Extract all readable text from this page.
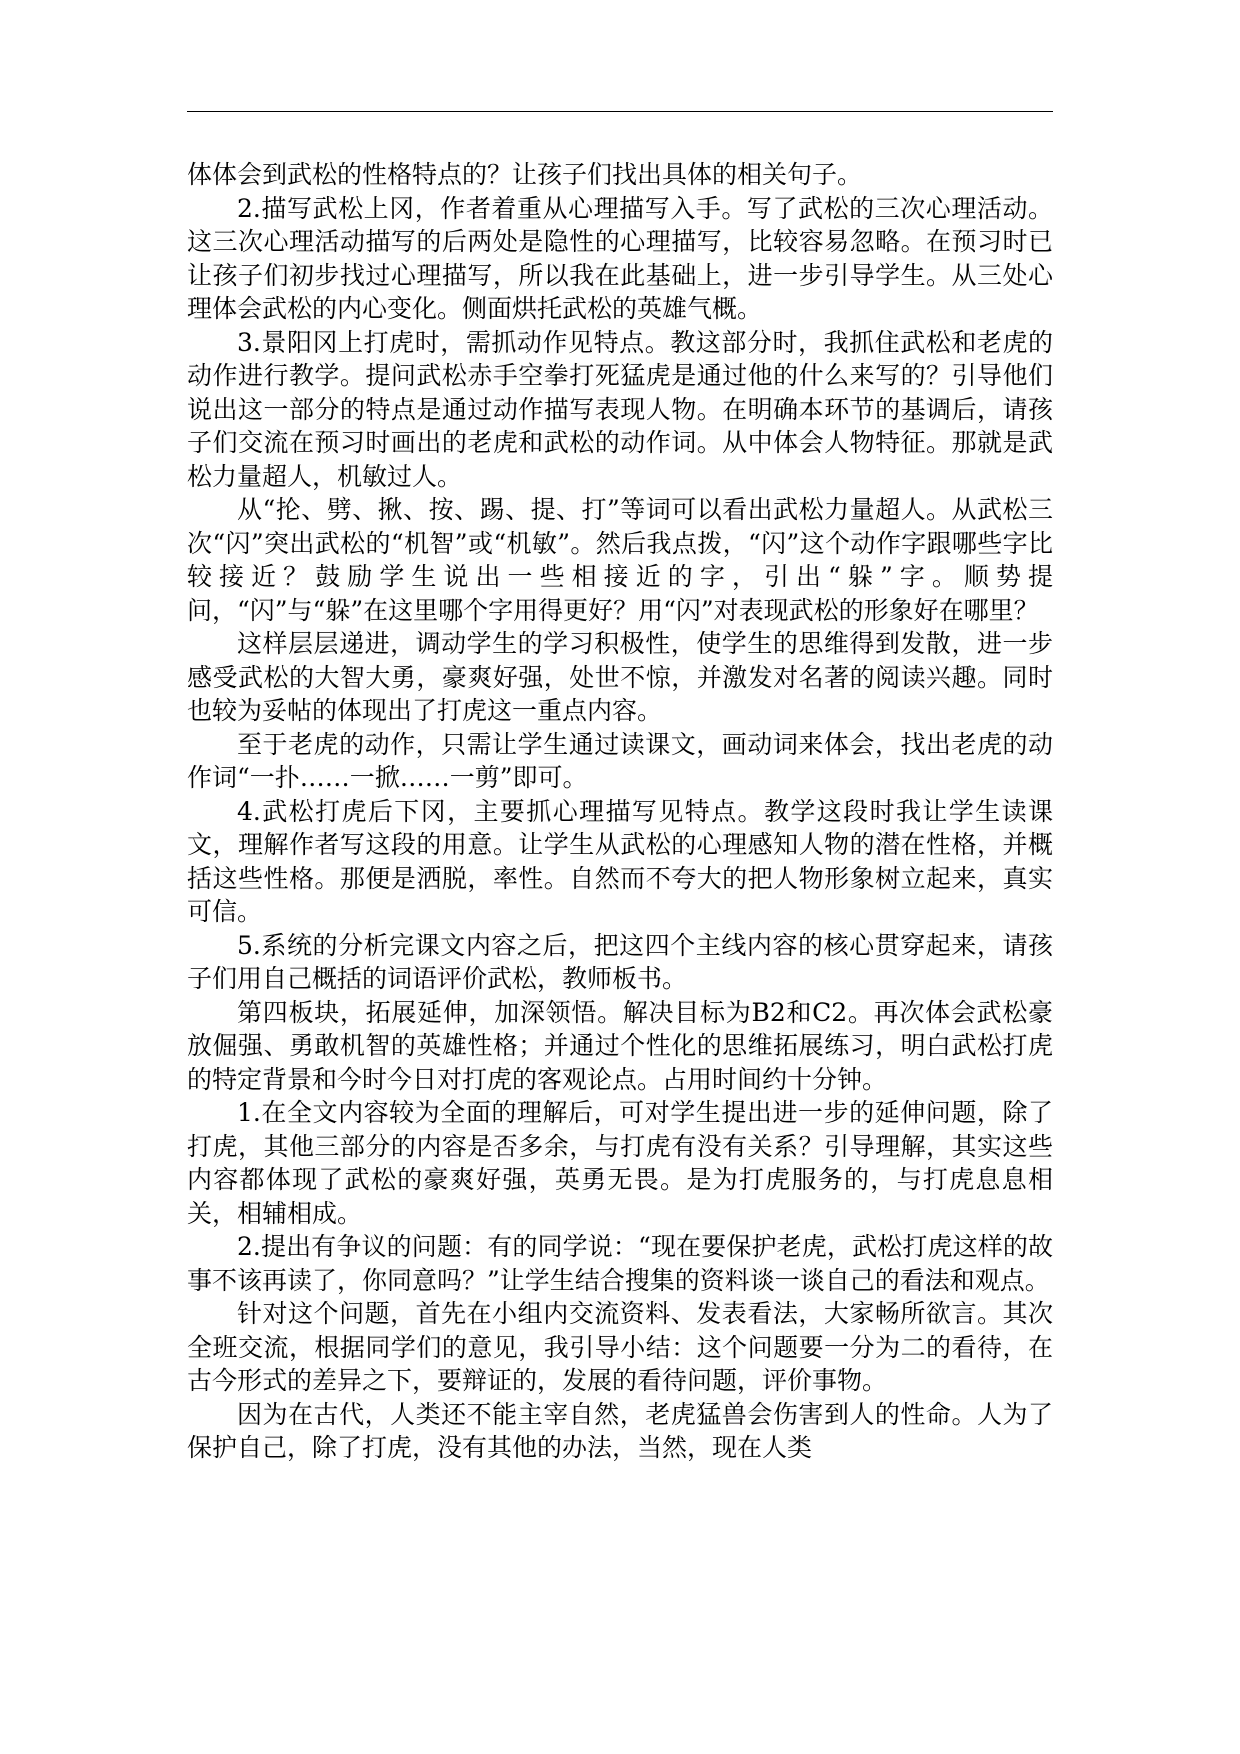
体体会到武松的性格特点的？让孩子们找出具体的相关句子。

2.描写武松上冈，作者着重从心理描写入手。写了武松的三次心理活动。这三次心理活动描写的后两处是隐性的心理描写，比较容易忽略。在预习时已让孩子们初步找过心理描写，所以我在此基础上，进一步引导学生。从三处心理体会武松的内心变化。侧面烘托武松的英雄气概。

3.景阳冈上打虎时，需抓动作见特点。教这部分时，我抓住武松和老虎的动作进行教学。提问武松赤手空拳打死猛虎是通过他的什么来写的？引导他们说出这一部分的特点是通过动作描写表现人物。在明确本环节的基调后，请孩子们交流在预习时画出的老虎和武松的动作词。从中体会人物特征。那就是武松力量超人，机敏过人。

从“抡、劈、揪、按、踢、提、打”等词可以看出武松力量超人。从武松三次“闪”突出武松的“机智”或“机敏”。然后我点拨，“闪”这个动作字跟哪些字比较接近？鼓励学生说出一些相接近的字，引出“躲”字。顺势提问，“闪”与“躲”在这里哪个字用得更好？用“闪”对表现武松的形象好在哪里？

这样层层递进，调动学生的学习积极性，使学生的思维得到发散，进一步感受武松的大智大勇，豪爽好强，处世不惊，并激发对名著的阅读兴趣。同时也较为妥帖的体现出了打虎这一重点内容。

至于老虎的动作，只需让学生通过读课文，画动词来体会，找出老虎的动作词“一扑……一掀……一剪”即可。

4.武松打虎后下冈，主要抓心理描写见特点。教学这段时我让学生读课文，理解作者写这段的用意。让学生从武松的心理感知人物的潜在性格，并概括这些性格。那便是洒脱，率性。自然而不夸大的把人物形象树立起来，真实可信。

5.系统的分析完课文内容之后，把这四个主线内容的核心贯穿起来，请孩子们用自己概括的词语评价武松，教师板书。

第四板块，拓展延伸，加深领悟。解决目标为B2和C2。再次体会武松豪放倔强、勇敢机智的英雄性格；并通过个性化的思维拓展练习，明白武松打虎的特定背景和今时今日对打虎的客观论点。占用时间约十分钟。

1.在全文内容较为全面的理解后，可对学生提出进一步的延伸问题，除了打虎，其他三部分的内容是否多余，与打虎有没有关系？引导理解，其实这些内容都体现了武松的豪爽好强，英勇无畏。是为打虎服务的，与打虎息息相关，相辅相成。

2.提出有争议的问题：有的同学说：“现在要保护老虎，武松打虎这样的故事不该再读了，你同意吗？”让学生结合搜集的资料谈一谈自己的看法和观点。

针对这个问题，首先在小组内交流资料、发表看法，大家畅所欲言。其次全班交流，根据同学们的意见，我引导小结：这个问题要一分为二的看待，在古今形式的差异之下，要辩证的，发展的看待问题，评价事物。

因为在古代，人类还不能主宰自然，老虎猛兽会伤害到人的性命。人为了保护自己，除了打虎，没有其他的办法，当然，现在人类
